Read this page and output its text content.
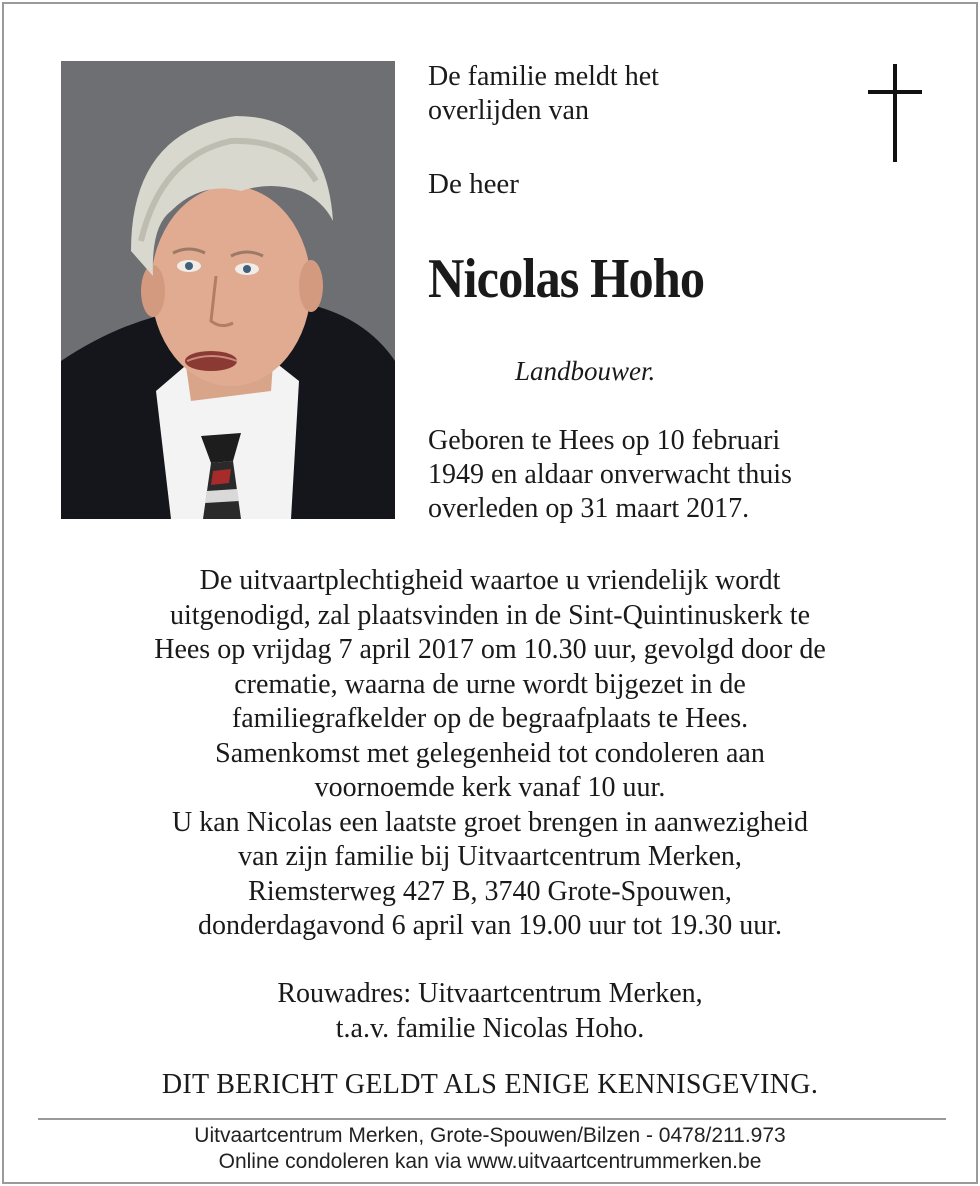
De familie meldt het
overlijden van
De heer
Nicolas Hoho
Landbouwer.
Geboren te Hees op 10 februari
1949 en aldaar onverwacht thuis
overleden op 31 maart 2017.
De uitvaartplechtigheid waartoe u vriendelijk wordt
uitgenodigd, zal plaatsvinden in de Sint-Quintinuskerk te
Hees op vrijdag 7 april 2017 om 10.30 uur, gevolgd door de
crematie, waarna de urne wordt bijgezet in de
familiegrafkelder op de begraafplaats te Hees.
Samenkomst met gelegenheid tot condoleren aan
voornoemde kerk vanaf 10 uur.
U kan Nicolas een laatste groet brengen in aanwezigheid
van zijn familie bij Uitvaartcentrum Merken,
Riemsterweg 427 B, 3740 Grote-Spouwen,
donderdagavond 6 april van 19.00 uur tot 19.30 uur.
Rouwadres: Uitvaartcentrum Merken,
t.a.v. familie Nicolas Hoho.
DIT BERICHT GELDT ALS ENIGE KENNISGEVING.
Uitvaartcentrum Merken, Grote-Spouwen/Bilzen - 0478/211.973
Online condoleren kan via www.uitvaartcentrummerken.be
